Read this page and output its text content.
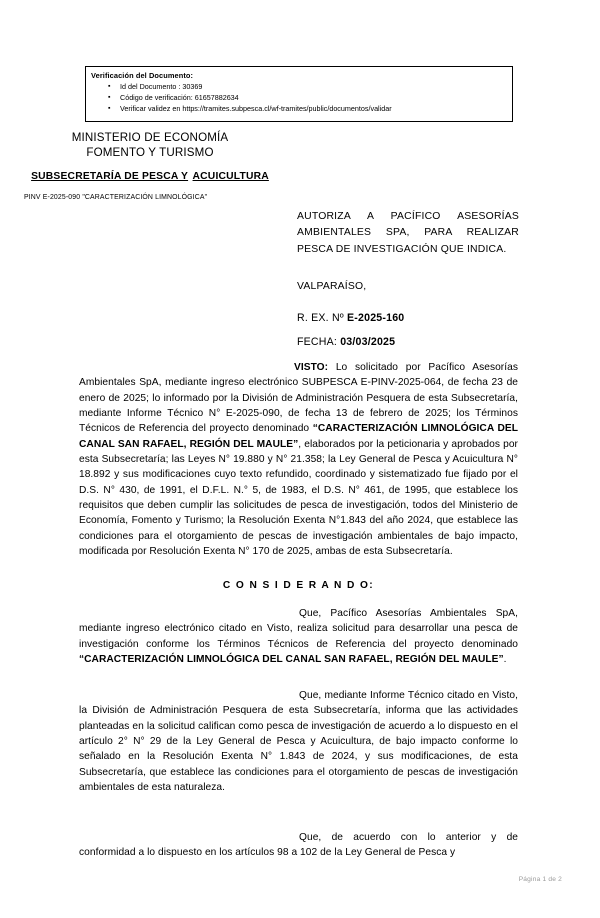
Verificación del Documento:
▪ Id del Documento : 30369
▪ Código de verificación: 61657882634
▪ Verificar validez en https://tramites.subpesca.cl/wf-tramites/public/documentos/validar
MINISTERIO DE ECONOMÍA
FOMENTO Y TURISMO
SUBSECRETARÍA DE PESCA Y ACUICULTURA
PINV E-2025-090 "CARACTERIZACIÓN LIMNOLÓGICA"
AUTORIZA A PACÍFICO ASESORÍAS AMBIENTALES SPA, PARA REALIZAR PESCA DE INVESTIGACIÓN QUE INDICA.
VALPARAÍSO,
R. EX. Nº E-2025-160
FECHA: 03/03/2025
VISTO: Lo solicitado por Pacífico Asesorías Ambientales SpA, mediante ingreso electrónico SUBPESCA E-PINV-2025-064, de fecha 23 de enero de 2025; lo informado por la División de Administración Pesquera de esta Subsecretaría, mediante Informe Técnico N° E-2025-090, de fecha 13 de febrero de 2025; los Términos Técnicos de Referencia del proyecto denominado “CARACTERIZACIÓN LIMNOLÓGICA DEL CANAL SAN RAFAEL, REGIÓN DEL MAULE”, elaborados por la peticionaria y aprobados por esta Subsecretaría; las Leyes N° 19.880 y N° 21.358; la Ley General de Pesca y Acuicultura N° 18.892 y sus modificaciones cuyo texto refundido, coordinado y sistematizado fue fijado por el D.S. N° 430, de 1991, el D.F.L. N.° 5, de 1983, el D.S. N° 461, de 1995, que establece los requisitos que deben cumplir las solicitudes de pesca de investigación, todos del Ministerio de Economía, Fomento y Turismo; la Resolución Exenta N°1.843 del año 2024, que establece las condiciones para el otorgamiento de pescas de investigación ambientales de bajo impacto, modificada por Resolución Exenta N° 170 de 2025, ambas de esta Subsecretaría.
C O N S I D E R A N D O:
Que, Pacífico Asesorías Ambientales SpA, mediante ingreso electrónico citado en Visto, realiza solicitud para desarrollar una pesca de investigación conforme los Términos Técnicos de Referencia del proyecto denominado “CARACTERIZACIÓN LIMNOLÓGICA DEL CANAL SAN RAFAEL, REGIÓN DEL MAULE”.
Que, mediante Informe Técnico citado en Visto, la División de Administración Pesquera de esta Subsecretaría, informa que las actividades planteadas en la solicitud califican como pesca de investigación de acuerdo a lo dispuesto en el artículo 2° N° 29 de la Ley General de Pesca y Acuicultura, de bajo impacto conforme lo señalado en la Resolución Exenta N° 1.843 de 2024, y sus modificaciones, de esta Subsecretaría, que establece las condiciones para el otorgamiento de pescas de investigación ambientales de esta naturaleza.
Que, de acuerdo con lo anterior y de conformidad a lo dispuesto en los artículos 98 a 102 de la Ley General de Pesca y
Página 1 de 2
